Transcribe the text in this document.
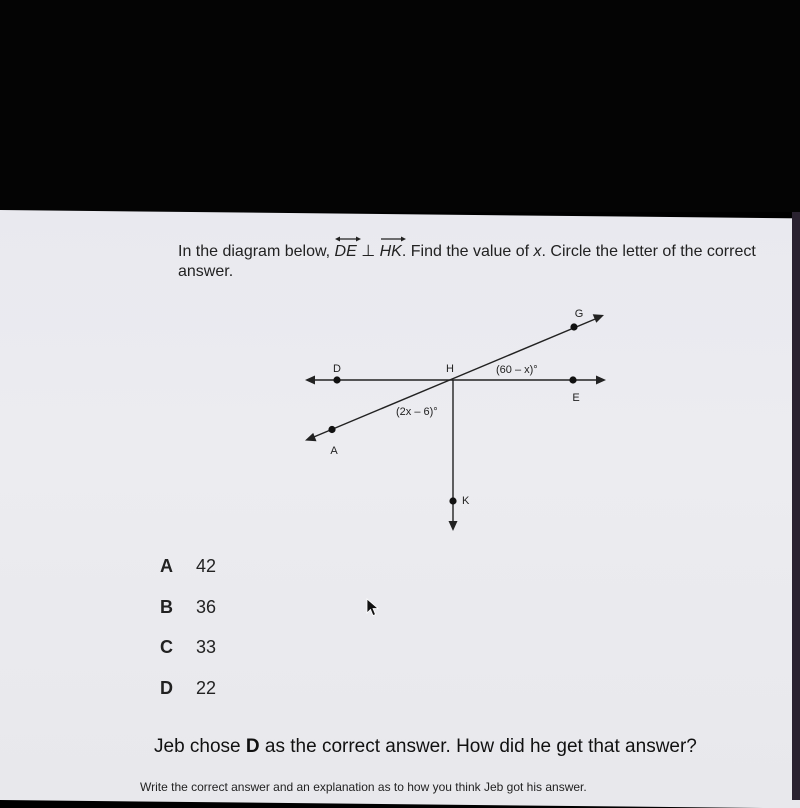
In the diagram below, DE ⊥ HK. Find the value of x. Circle the letter of the correct answer.
D	H
G
E
A
K
(60 – x)°
(2x – 6)°
A 42
B 36
C 33
D 22
Jeb chose D as the correct answer. How did he get that answer?
Write the correct answer and an explanation as to how you think Jeb got his answer.
